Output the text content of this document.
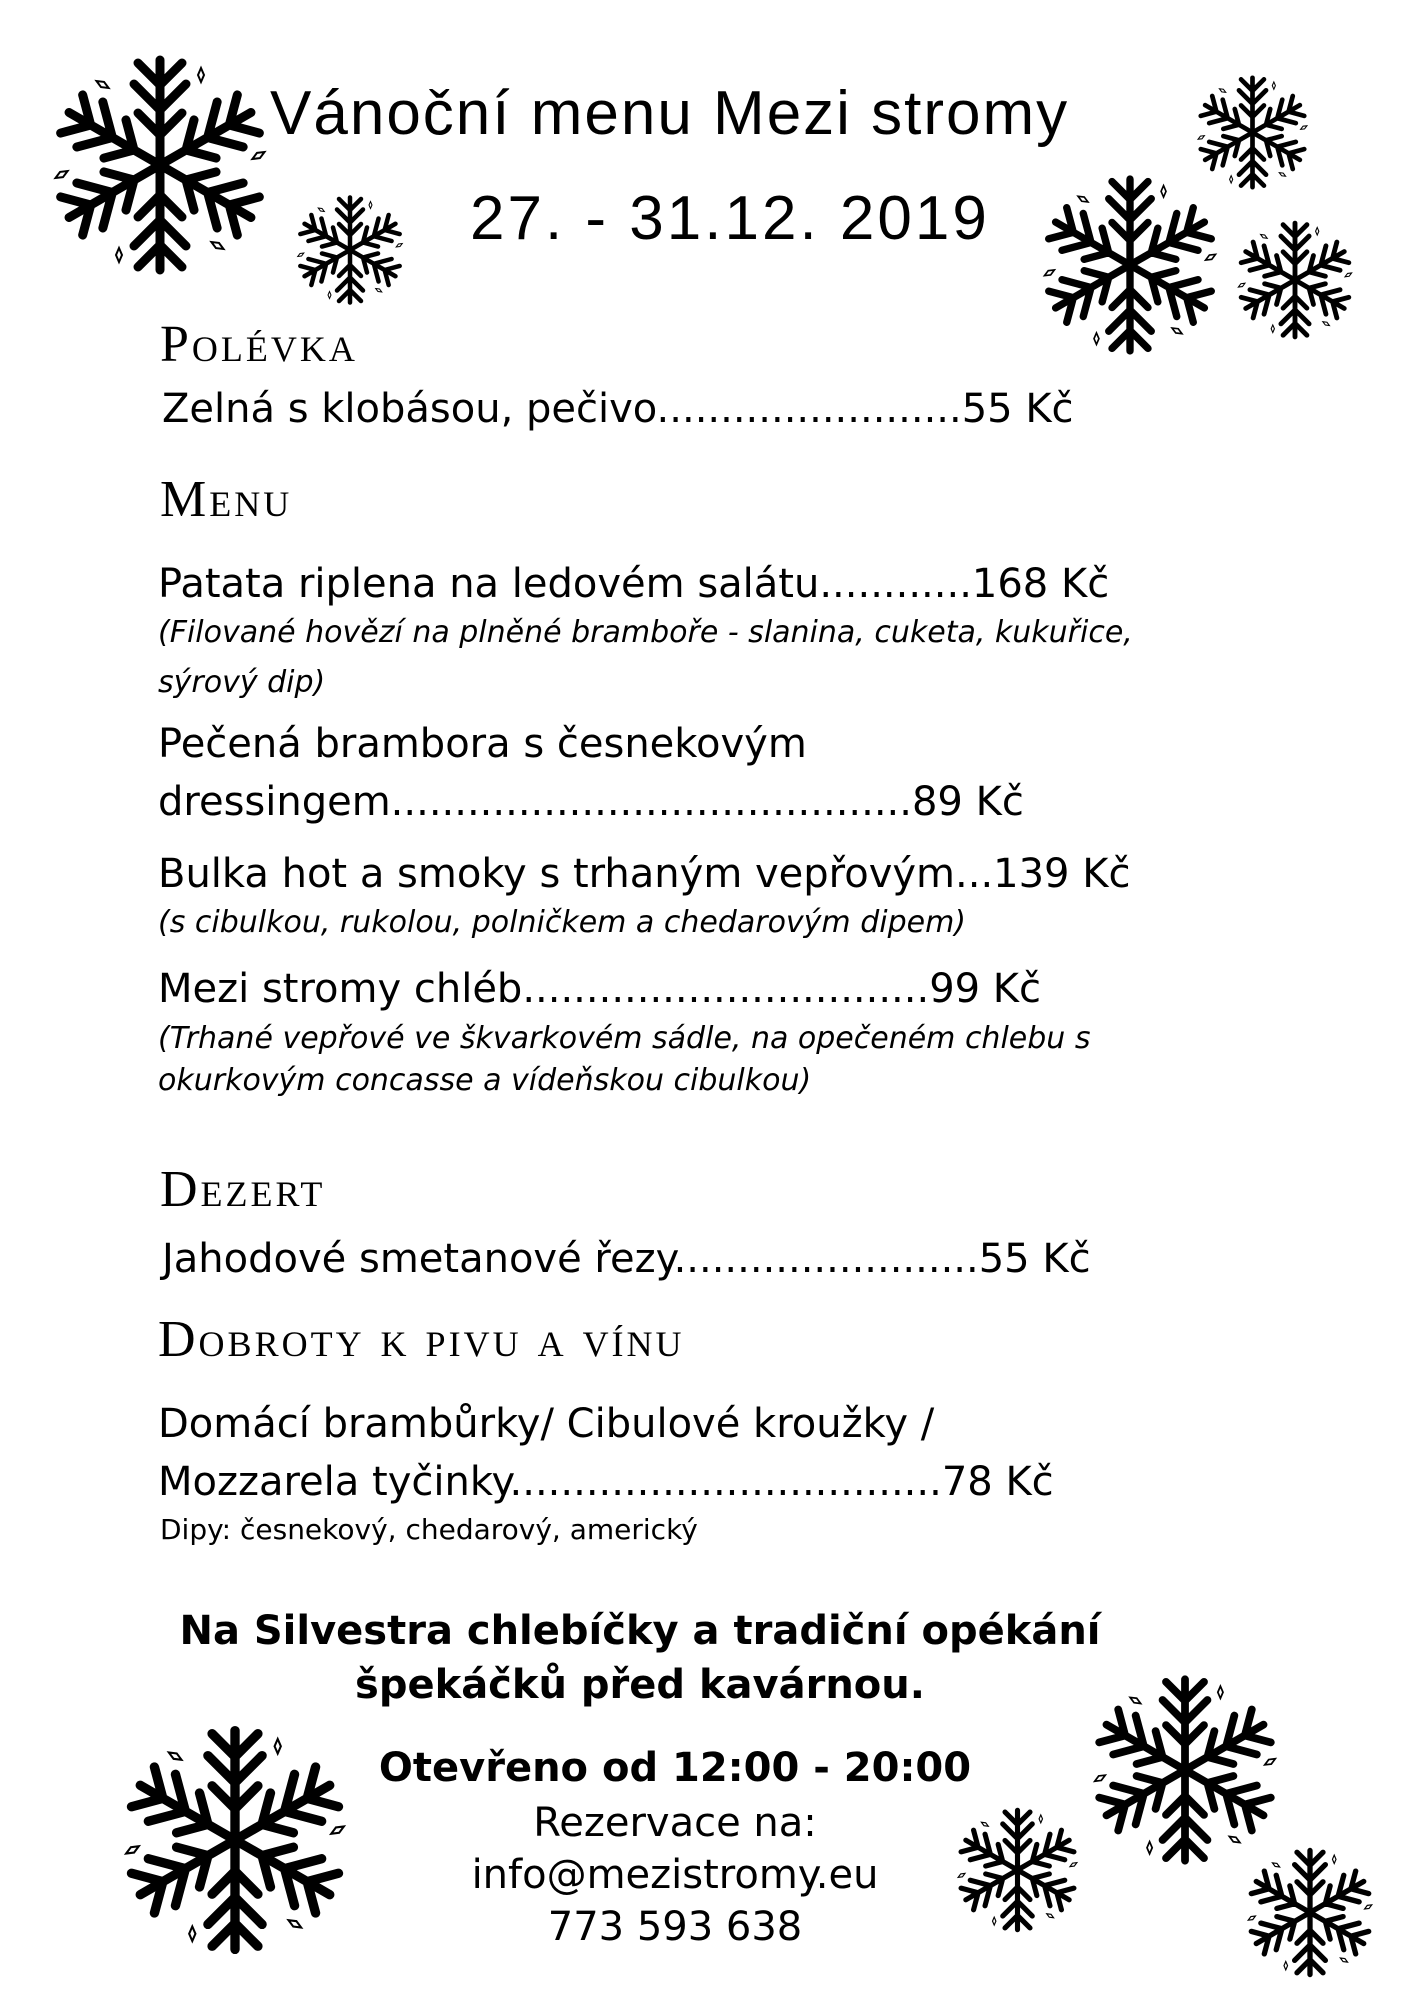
Vánoční menu Mezi stromy
27. - 31.12. 2019
Polévka
Zelná s klobásou, pečivo........................55 Kč
Menu
Patata riplena na ledovém salátu............168 Kč
(Filované hovězí na plněné bramboře - slanina, cuketa, kukuřice,
sýrový dip)
Pečená brambora s česnekovým
dressingem.........................................89 Kč
Bulka hot a smoky s trhaným vepřovým...139 Kč
(s cibulkou, rukolou, polničkem a chedarovým dipem)
Mezi stromy chléb................................99 Kč
(Trhané vepřové ve škvarkovém sádle, na opečeném chlebu s
okurkovým concasse a vídeňskou cibulkou)
Dezert
Jahodové smetanové řezy........................55 Kč
Dobroty k pivu a vínu
Domácí brambůrky/ Cibulové kroužky /
Mozzarela tyčinky..................................78 Kč
Dipy: česnekový, chedarový, americký
Na Silvestra chlebíčky a tradiční opékání
špekáčků před kavárnou.
Otevřeno od 12:00 - 20:00
Rezervace na:
info@mezistromy.eu
773 593 638
